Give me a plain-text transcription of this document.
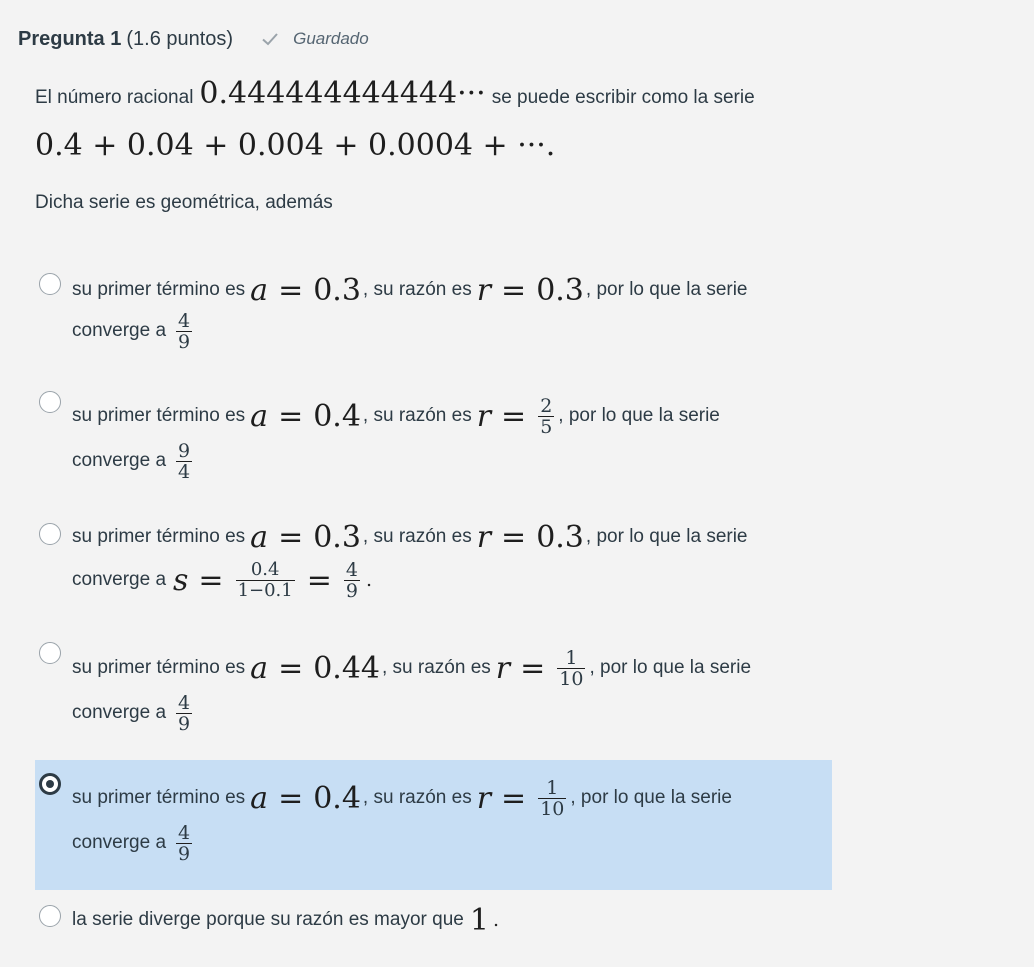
Pregunta 1 (1.6 puntos)	Guardado
El número racional 0.444444444444··· se puede escribir como la serie
0.4 + 0.04 + 0.004 + 0.0004 + ···.
Dicha serie es geométrica, además
su primer término es a = 0.3 , su razón es r = 0.3 , por lo que la serie
converge a $\frac{4}{9}$
su primer término es a = 0.4 , su razón es $r = \frac{2}{5}$ , por lo que la serie
converge a $\frac{9}{4}$
su primer término es a = 0.3 , su razón es r = 0.3 , por lo que la serie
converge a $s = \frac{0.4}{1-0.1} = \frac{4}{9}$ .
su primer término es a = 0.44 , su razón es $r = \frac{1}{10}$ , por lo que la serie
converge a $\frac{4}{9}$
su primer término es a = 0.4 , su razón es $r = \frac{1}{10}$ , por lo que la serie
converge a $\frac{4}{9}$
la serie diverge porque su razón es mayor que 1 .
